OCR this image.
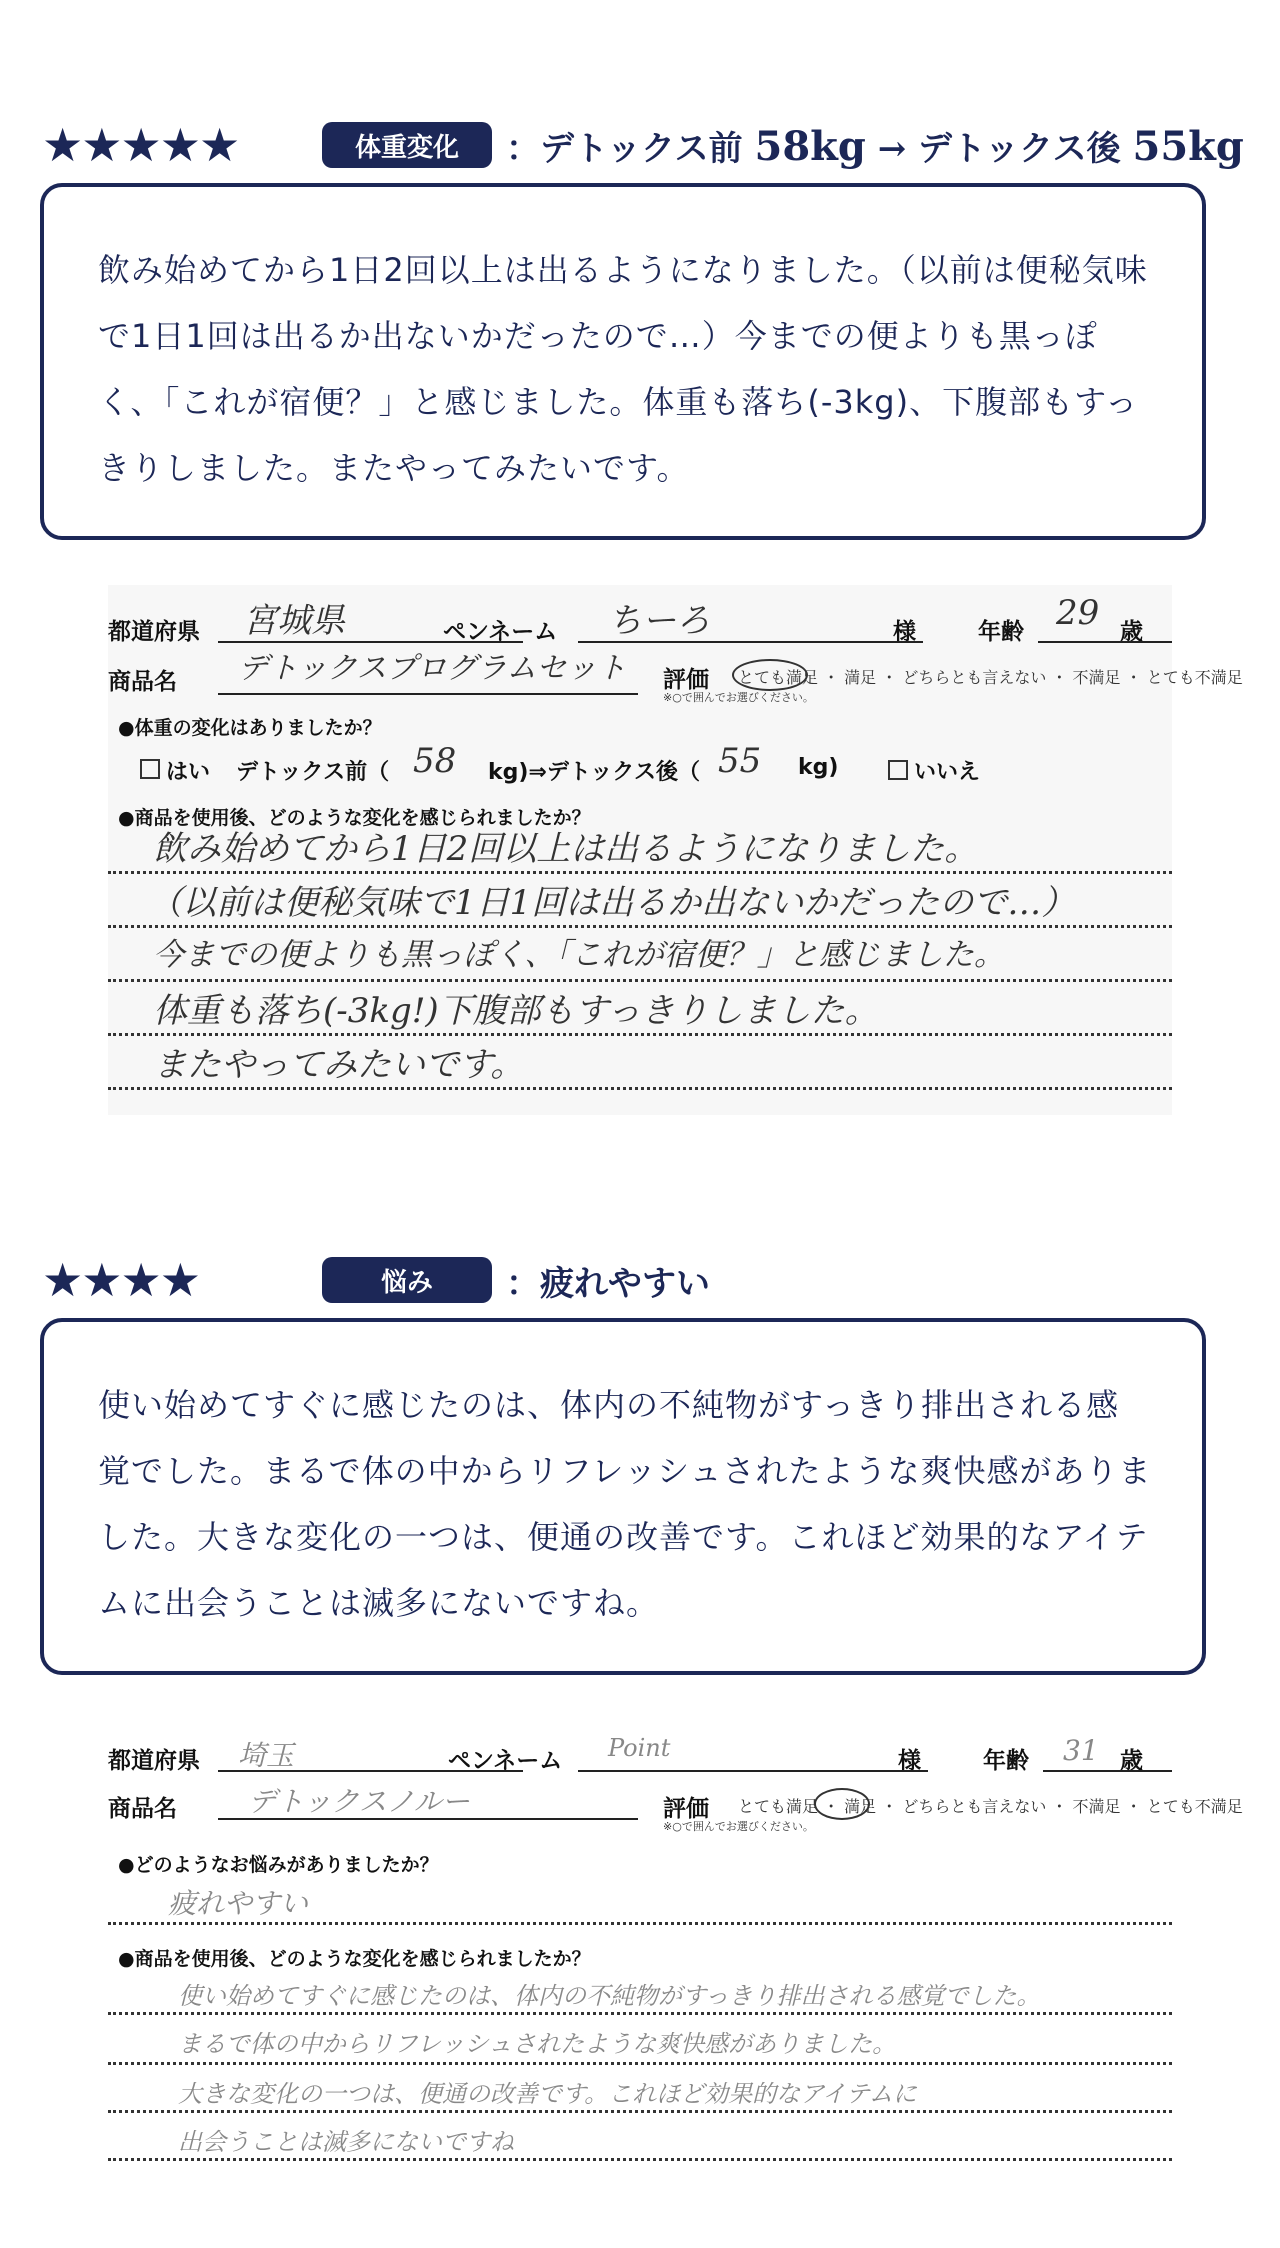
★★★★★	体重変化	：デトックス前 58kg → デトックス後 55kg
飲み始めてから1日2回以上は出るようになりました。（以前は便秘気味で1日1回は出るか出ないかだったので…）今までの便よりも黒っぽく、「これが宿便？」と感じました。体重も落ち(-3kg)、下腹部もすっきりしました。またやってみたいです。
都道府県 宮城県	ペンネーム ちーろ	様	年齢 29 歳
商品名 デトックスプログラムセット 評価 とても満足 ・ 満足 ・ どちらとも言えない ・ 不満足 ・ とても不満足
※○で囲んでお選びください。
●体重の変化はありましたか？
はい デトックス前（ 58 kg)⇒デトックス後（ 55 kg)	いいえ
●商品を使用後、どのような変化を感じられましたか？
飲み始めてから1日2回以上は出るようになりました。
（以前は便秘気味で1日1回は出るか出ないかだったので…）
今までの便よりも黒っぽく、「これが宿便？」と感じました。
体重も落ち(-3kg!)下腹部もすっきりしました。
またやってみたいです。
★★★★	悩み	：疲れやすい
使い始めてすぐに感じたのは、体内の不純物がすっきり排出される感覚でした。まるで体の中からリフレッシュされたような爽快感がありました。大きな変化の一つは、便通の改善です。これほど効果的なアイテムに出会うことは滅多にないですね。
都道府県 埼玉	ペンネーム Point	様	年齢 31 歳
商品名	デトックスノルー	評価 とても満足 ・ 満足 ・ どちらとも言えない ・ 不満足 ・ とても不満足
※○で囲んでお選びください。
●どのようなお悩みがありましたか？
疲れやすい
●商品を使用後、どのような変化を感じられましたか？
使い始めてすぐに感じたのは、体内の不純物がすっきり排出される感覚でした。
まるで体の中からリフレッシュされたような爽快感がありました。
大きな変化の一つは、便通の改善です。これほど効果的なアイテムに
出会うことは滅多にないですね
